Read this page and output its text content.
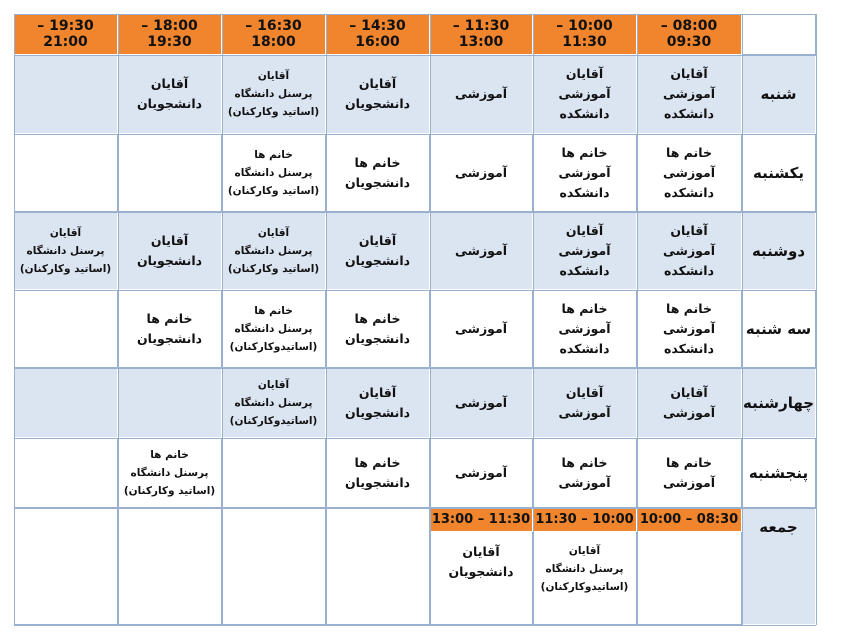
08:00 – 09:30
10:00 – 11:30
11:30 – 13:00
14:30 – 16:00
16:30 – 18:00
18:00 – 19:30
19:30 – 21:00
شنبه
آقایان
آموزشی
دانشکده
آقایان
آموزشی
دانشکده
آموزشی
آقایان
دانشجویان
آقایان
پرسنل دانشگاه
(اساتید وکارکنان)
آقایان
دانشجویان
یکشنبه
خانم ها
آموزشی
دانشکده
خانم ها
آموزشی
دانشکده
آموزشی
خانم ها
دانشجویان
خانم ها
پرسنل دانشگاه
(اساتید وکارکنان)
دوشنبه
آقایان
آموزشی
دانشکده
آقایان
آموزشی
دانشکده
آموزشی
آقایان
دانشجویان
آقایان
پرسنل دانشگاه
(اساتید وکارکنان)
آقایان
دانشجویان
آقایان
پرسنل دانشگاه
(اساتید وکارکنان)
سه شنبه
خانم ها
آموزشی
دانشکده
خانم ها
آموزشی
دانشکده
آموزشی
خانم ها
دانشجویان
خانم ها
پرسنل دانشگاه
(اساتیدوکارکنان)
خانم ها
دانشجویان
چهارشنبه
آقایان
آموزشی
آقایان
آموزشی
آموزشی
آقایان
دانشجویان
آقایان
پرسنل دانشگاه
(اساتیدوکارکنان)
پنجشنبه
خانم ها
آموزشی
خانم ها
آموزشی
آموزشی
خانم ها
دانشجویان
خانم ها
پرسنل دانشگاه
(اساتید وکارکنان)
جمعه
08:30 – 10:00
10:00 – 11:30
آقایان
پرسنل دانشگاه
(اساتیدوکارکنان)
11:30 – 13:00
آقایان
دانشجویان
